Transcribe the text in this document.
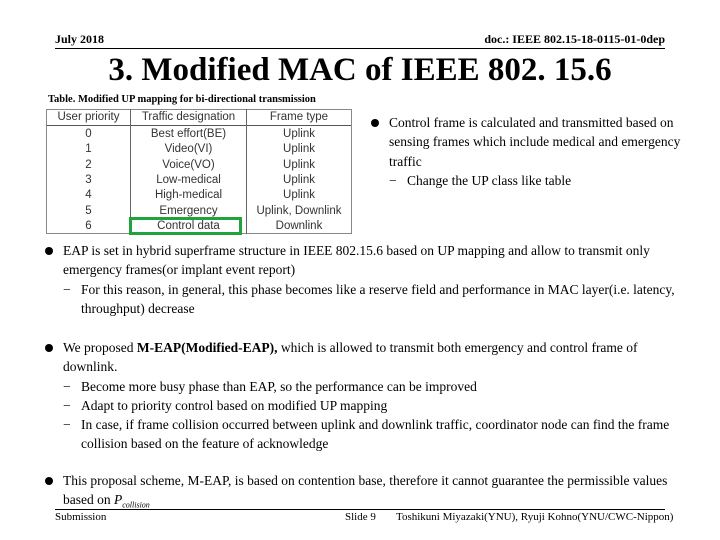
July 2018	doc.: IEEE 802.15-18-0115-01-0dep
3. Modified MAC of IEEE 802. 15.6
Table. Modified UP mapping for bi-directional transmission
User priority	Traffic designation	Frame type
0	Best effort(BE)	Uplink
1	Video(VI)	Uplink
2	Voice(VO)	Uplink
3	Low-medical	Uplink
4	High-medical	Uplink
5	Emergency	Uplink, Downlink
6	Control data	Downlink
Control frame is calculated and transmitted based on sensing frames which include medical and emergency traffic
− Change the UP class like table
EAP is set in hybrid superframe structure in IEEE 802.15.6 based on UP mapping and allow to transmit only emergency frames(or implant event report)
− For this reason, in general, this phase becomes like a reserve field and performance in MAC layer(i.e. latency, throughput) decrease
We proposed M-EAP(Modified-EAP), which is allowed to transmit both emergency and control frame of downlink.
− Become more busy phase than EAP, so the performance can be improved
− Adapt to priority control based on modified UP mapping
− In case, if frame collision occurred between uplink and downlink traffic, coordinator node can find the frame collision based on the feature of acknowledge
This proposal scheme, M-EAP, is based on contention base, therefore it cannot guarantee the permissible values based on $P_{collision}$
Submission	Slide 9 Toshikuni Miyazaki(YNU), Ryuji Kohno(YNU/CWC-Nippon)
